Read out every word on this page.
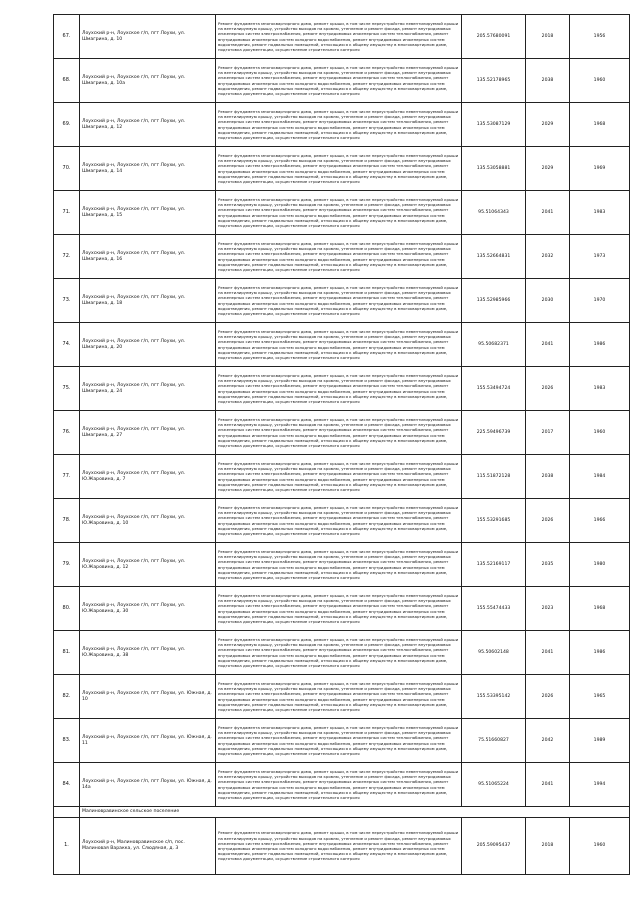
67.	Лоухский р-н, Лоухское г/п, пгт Лоухи, ул. Шмагрина, д. 10	Ремонт фундамента многоквартирного дома, ремонт крыши, в том числе переустройство невентилируемой крыши на вентилируемую крышу, устройство выходов на кровлю, утепление и ремонт фасада, ремонт внутридомовых инженерных систем электроснабжения, ремонт внутридомовых инженерных систем теплоснабжения, ремонт внутридомовых инженерных систем холодного водоснабжения, ремонт внутридомовых инженерных систем водоотведения, ремонт подвальных помещений, относящихся к общему имуществу в многоквартирном доме, подготовка документации, осуществление строительного контроля	205.57680091	2018	1956
68.	Лоухский р-н, Лоухское г/п, пгт Лоухи, ул. Шмагрина, д. 10а	Ремонт фундамента многоквартирного дома, ремонт крыши, в том числе переустройство невентилируемой крыши на вентилируемую крышу, устройство выходов на кровлю, утепление и ремонт фасада, ремонт внутридомовых инженерных систем электроснабжения, ремонт внутридомовых инженерных систем теплоснабжения, ремонт внутридомовых инженерных систем холодного водоснабжения, ремонт внутридомовых инженерных систем водоотведения, ремонт подвальных помещений, относящихся к общему имуществу в многоквартирном доме, подготовка документации, осуществление строительного контроля	135.52178965	2038	1960
69.	Лоухский р-н, Лоухское г/п, пгт Лоухи, ул. Шмагрина, д. 12	Ремонт фундамента многоквартирного дома, ремонт крыши, в том числе переустройство невентилируемой крыши на вентилируемую крышу, устройство выходов на кровлю, утепление и ремонт фасада, ремонт внутридомовых инженерных систем электроснабжения, ремонт внутридомовых инженерных систем теплоснабжения, ремонт внутридомовых инженерных систем холодного водоснабжения, ремонт внутридомовых инженерных систем водоотведения, ремонт подвальных помещений, относящихся к общему имуществу в многоквартирном доме, подготовка документации, осуществление строительного контроля	135.53087129	2029	1968
70.	Лоухский р-н, Лоухское г/п, пгт Лоухи, ул. Шмагрина, д. 14	Ремонт фундамента многоквартирного дома, ремонт крыши, в том числе переустройство невентилируемой крыши на вентилируемую крышу, устройство выходов на кровлю, утепление и ремонт фасада, ремонт внутридомовых инженерных систем электроснабжения, ремонт внутридомовых инженерных систем теплоснабжения, ремонт внутридомовых инженерных систем холодного водоснабжения, ремонт внутридомовых инженерных систем водоотведения, ремонт подвальных помещений, относящихся к общему имуществу в многоквартирном доме, подготовка документации, осуществление строительного контроля	135.53058881	2029	1969
71.	Лоухский р-н, Лоухское г/п, пгт Лоухи, ул. Шмагрина, д. 15	Ремонт фундамента многоквартирного дома, ремонт крыши, в том числе переустройство невентилируемой крыши на вентилируемую крышу, устройство выходов на кровлю, утепление и ремонт фасада, ремонт внутридомовых инженерных систем электроснабжения, ремонт внутридомовых инженерных систем теплоснабжения, ремонт внутридомовых инженерных систем холодного водоснабжения, ремонт внутридомовых инженерных систем водоотведения, ремонт подвальных помещений, относящихся к общему имуществу в многоквартирном доме, подготовка документации, осуществление строительного контроля	95.51064343	2041	1983
72.	Лоухский р-н, Лоухское г/п, пгт Лоухи, ул. Шмагрина, д. 16	Ремонт фундамента многоквартирного дома, ремонт крыши, в том числе переустройство невентилируемой крыши на вентилируемую крышу, устройство выходов на кровлю, утепление и ремонт фасада, ремонт внутридомовых инженерных систем электроснабжения, ремонт внутридомовых инженерных систем теплоснабжения, ремонт внутридомовых инженерных систем холодного водоснабжения, ремонт внутридомовых инженерных систем водоотведения, ремонт подвальных помещений, относящихся к общему имуществу в многоквартирном доме, подготовка документации, осуществление строительного контроля	135.52664831	2032	1973
73.	Лоухский р-н, Лоухское г/п, пгт Лоухи, ул. Шмагрина, д. 18	Ремонт фундамента многоквартирного дома, ремонт крыши, в том числе переустройство невентилируемой крыши на вентилируемую крышу, устройство выходов на кровлю, утепление и ремонт фасада, ремонт внутридомовых инженерных систем электроснабжения, ремонт внутридомовых инженерных систем теплоснабжения, ремонт внутридомовых инженерных систем холодного водоснабжения, ремонт внутридомовых инженерных систем водоотведения, ремонт подвальных помещений, относящихся к общему имуществу в многоквартирном доме, подготовка документации, осуществление строительного контроля	135.52985966	2030	1970
74.	Лоухский р-н, Лоухское г/п, пгт Лоухи, ул. Шмагрина, д. 20	Ремонт фундамента многоквартирного дома, ремонт крыши, в том числе переустройство невентилируемой крыши на вентилируемую крышу, устройство выходов на кровлю, утепление и ремонт фасада, ремонт внутридомовых инженерных систем электроснабжения, ремонт внутридомовых инженерных систем теплоснабжения, ремонт внутридомовых инженерных систем холодного водоснабжения, ремонт внутридомовых инженерных систем водоотведения, ремонт подвальных помещений, относящихся к общему имуществу в многоквартирном доме, подготовка документации, осуществление строительного контроля	95.50682371	2041	1986
75.	Лоухский р-н, Лоухское г/п, пгт Лоухи, ул. Шмагрина, д. 24	Ремонт фундамента многоквартирного дома, ремонт крыши, в том числе переустройство невентилируемой крыши на вентилируемую крышу, устройство выходов на кровлю, утепление и ремонт фасада, ремонт внутридомовых инженерных систем электроснабжения, ремонт внутридомовых инженерных систем теплоснабжения, ремонт внутридомовых инженерных систем холодного водоснабжения, ремонт внутридомовых инженерных систем водоотведения, ремонт подвальных помещений, относящихся к общему имуществу в многоквартирном доме, подготовка документации, осуществление строительного контроля	155.53494724	2026	1983
76.	Лоухский р-н, Лоухское г/п, пгт Лоухи, ул. Шмагрина, д. 27	Ремонт фундамента многоквартирного дома, ремонт крыши, в том числе переустройство невентилируемой крыши на вентилируемую крышу, устройство выходов на кровлю, утепление и ремонт фасада, ремонт внутридомовых инженерных систем электроснабжения, ремонт внутридомовых инженерных систем теплоснабжения, ремонт внутридомовых инженерных систем холодного водоснабжения, ремонт внутридомовых инженерных систем водоотведения, ремонт подвальных помещений, относящихся к общему имуществу в многоквартирном доме, подготовка документации, осуществление строительного контроля	225.59496739	2017	1960
77.	Лоухский р-н, Лоухское г/п, пгт Лоухи, ул. Ю.Жаровина, д. 7	Ремонт фундамента многоквартирного дома, ремонт крыши, в том числе переустройство невентилируемой крыши на вентилируемую крышу, устройство выходов на кровлю, утепление и ремонт фасада, ремонт внутридомовых инженерных систем электроснабжения, ремонт внутридомовых инженерных систем теплоснабжения, ремонт внутридомовых инженерных систем холодного водоснабжения, ремонт внутридомовых инженерных систем водоотведения, ремонт подвальных помещений, относящихся к общему имуществу в многоквартирном доме, подготовка документации, осуществление строительного контроля	115.51872128	2038	1984
78.	Лоухский р-н, Лоухское г/п, пгт Лоухи, ул. Ю.Жаровина, д. 10	Ремонт фундамента многоквартирного дома, ремонт крыши, в том числе переустройство невентилируемой крыши на вентилируемую крышу, устройство выходов на кровлю, утепление и ремонт фасада, ремонт внутридомовых инженерных систем электроснабжения, ремонт внутридомовых инженерных систем теплоснабжения, ремонт внутридомовых инженерных систем холодного водоснабжения, ремонт внутридомовых инженерных систем водоотведения, ремонт подвальных помещений, относящихся к общему имуществу в многоквартирном доме, подготовка документации, осуществление строительного контроля	155.53291685	2026	1966
79.	Лоухский р-н, Лоухское г/п, пгт Лоухи, ул. Ю.Жаровина, д. 12	Ремонт фундамента многоквартирного дома, ремонт крыши, в том числе переустройство невентилируемой крыши на вентилируемую крышу, устройство выходов на кровлю, утепление и ремонт фасада, ремонт внутридомовых инженерных систем электроснабжения, ремонт внутридомовых инженерных систем теплоснабжения, ремонт внутридомовых инженерных систем холодного водоснабжения, ремонт внутридомовых инженерных систем водоотведения, ремонт подвальных помещений, относящихся к общему имуществу в многоквартирном доме, подготовка документации, осуществление строительного контроля	135.52169117	2035	1980
80.	Лоухский р-н, Лоухское г/п, пгт Лоухи, ул. Ю.Жаровина, д. 30	Ремонт фундамента многоквартирного дома, ремонт крыши, в том числе переустройство невентилируемой крыши на вентилируемую крышу, устройство выходов на кровлю, утепление и ремонт фасада, ремонт внутридомовых инженерных систем электроснабжения, ремонт внутридомовых инженерных систем теплоснабжения, ремонт внутридомовых инженерных систем холодного водоснабжения, ремонт внутридомовых инженерных систем водоотведения, ремонт подвальных помещений, относящихся к общему имуществу в многоквартирном доме, подготовка документации, осуществление строительного контроля	155.55474433	2023	1968
81.	Лоухский р-н, Лоухское г/п, пгт Лоухи, ул. Ю.Жаровина, д. 38	Ремонт фундамента многоквартирного дома, ремонт крыши, в том числе переустройство невентилируемой крыши на вентилируемую крышу, устройство выходов на кровлю, утепление и ремонт фасада, ремонт внутридомовых инженерных систем электроснабжения, ремонт внутридомовых инженерных систем теплоснабжения, ремонт внутридомовых инженерных систем холодного водоснабжения, ремонт внутридомовых инженерных систем водоотведения, ремонт подвальных помещений, относящихся к общему имуществу в многоквартирном доме, подготовка документации, осуществление строительного контроля	95.50602148	2041	1986
82.	Лоухский р-н, Лоухское г/п, пгт Лоухи, ул. Южная, д. 10	Ремонт фундамента многоквартирного дома, ремонт крыши, в том числе переустройство невентилируемой крыши на вентилируемую крышу, устройство выходов на кровлю, утепление и ремонт фасада, ремонт внутридомовых инженерных систем электроснабжения, ремонт внутридомовых инженерных систем теплоснабжения, ремонт внутридомовых инженерных систем холодного водоснабжения, ремонт внутридомовых инженерных систем водоотведения, ремонт подвальных помещений, относящихся к общему имуществу в многоквартирном доме, подготовка документации, осуществление строительного контроля	155.53395142	2026	1965
83.	Лоухский р-н, Лоухское г/п, пгт Лоухи, ул. Южная, д. 11	Ремонт фундамента многоквартирного дома, ремонт крыши, в том числе переустройство невентилируемой крыши на вентилируемую крышу, устройство выходов на кровлю, утепление и ремонт фасада, ремонт внутридомовых инженерных систем электроснабжения, ремонт внутридомовых инженерных систем теплоснабжения, ремонт внутридомовых инженерных систем холодного водоснабжения, ремонт внутридомовых инженерных систем водоотведения, ремонт подвальных помещений, относящихся к общему имуществу в многоквартирном доме, подготовка документации, осуществление строительного контроля	75.51660827	2042	1989
84.	Лоухский р-н, Лоухское г/п, пгт Лоухи, ул. Южная, д. 14а	Ремонт фундамента многоквартирного дома, ремонт крыши, в том числе переустройство невентилируемой крыши на вентилируемую крышу, устройство выходов на кровлю, утепление и ремонт фасада, ремонт внутридомовых инженерных систем электроснабжения, ремонт внутридомовых инженерных систем теплоснабжения, ремонт внутридомовых инженерных систем холодного водоснабжения, ремонт внутридомовых инженерных систем водоотведения, ремонт подвальных помещений, относящихся к общему имуществу в многоквартирном доме, подготовка документации, осуществление строительного контроля	95.51065224	2041	1994
	Малиновравинское сельское поселение				
1.	Лоухский р-н, Малиновравинское с/п, пос. Малиновая Варакка, ул. Слюдяная, д. 3	Ремонт фундамента многоквартирного дома, ремонт крыши, в том числе переустройство невентилируемой крыши на вентилируемую крышу, устройство выходов на кровлю, утепление и ремонт фасада, ремонт внутридомовых инженерных систем электроснабжения, ремонт внутридомовых инженерных систем теплоснабжения, ремонт внутридомовых инженерных систем холодного водоснабжения, ремонт внутридомовых инженерных систем водоотведения, ремонт подвальных помещений, относящихся к общему имуществу в многоквартирном доме, подготовка документации, осуществление строительного контроля	205.59095437	2018	1960
